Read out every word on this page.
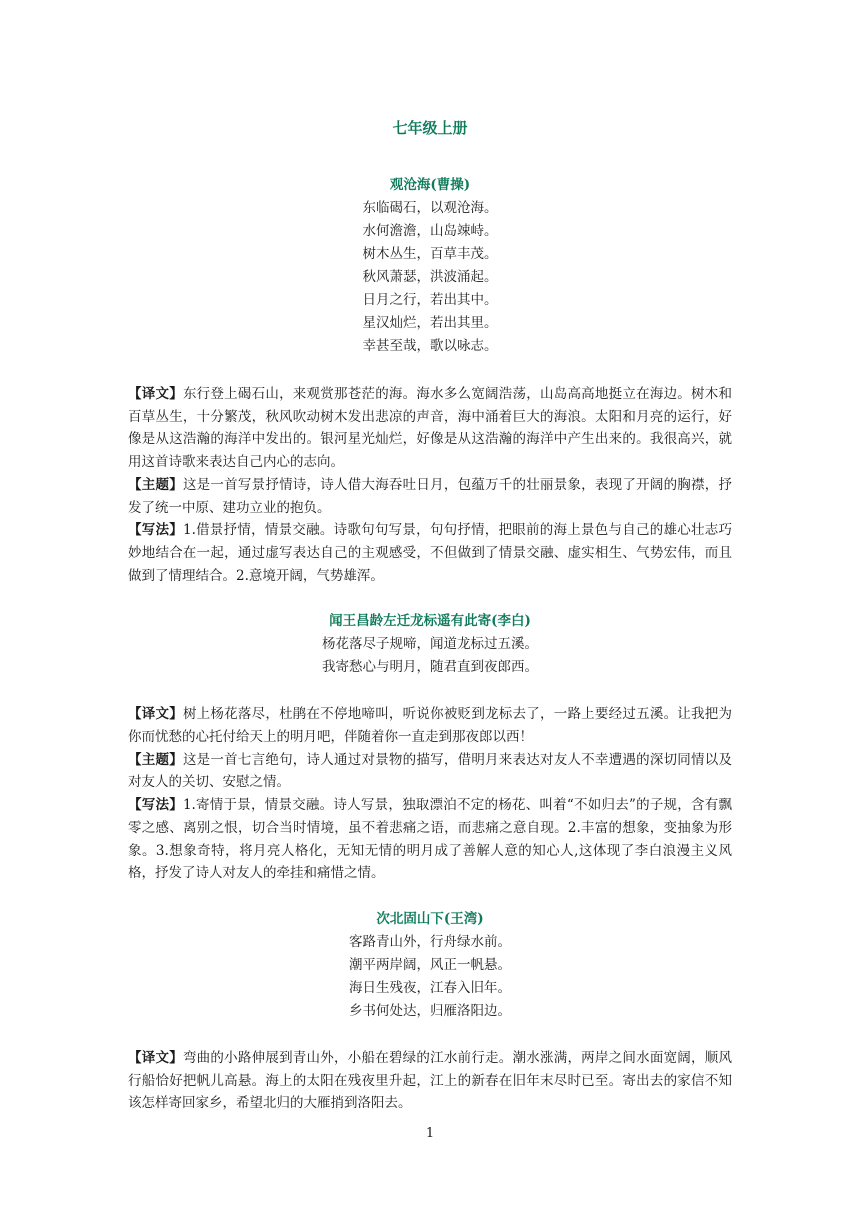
七年级上册
观沧海(曹操)

东临碣石，以观沧海。

水何澹澹，山岛竦峙。

树木丛生，百草丰茂。

秋风萧瑟，洪波涌起。

日月之行，若出其中。

星汉灿烂，若出其里。

幸甚至哉，歌以咏志。

【译文】东行登上碣石山，来观赏那苍茫的海。海水多么宽阔浩荡，山岛高高地挺立在海边。树木和百草丛生，十分繁茂，秋风吹动树木发出悲凉的声音，海中涌着巨大的海浪。太阳和月亮的运行，好像是从这浩瀚的海洋中发出的。银河星光灿烂，好像是从这浩瀚的海洋中产生出来的。我很高兴，就用这首诗歌来表达自己内心的志向。

【主题】这是一首写景抒情诗，诗人借大海吞吐日月，包蕴万千的壮丽景象，表现了开阔的胸襟，抒发了统一中原、建功立业的抱负。

【写法】1.借景抒情，情景交融。诗歌句句写景，句句抒情，把眼前的海上景色与自己的雄心壮志巧妙地结合在一起，通过虚写表达自己的主观感受，不但做到了情景交融、虚实相生、气势宏伟，而且做到了情理结合。2.意境开阔，气势雄浑。

闻王昌龄左迁龙标遥有此寄(李白)

杨花落尽子规啼，闻道龙标过五溪。

我寄愁心与明月，随君直到夜郎西。

【译文】树上杨花落尽，杜鹃在不停地啼叫，听说你被贬到龙标去了，一路上要经过五溪。让我把为你而忧愁的心托付给天上的明月吧，伴随着你一直走到那夜郎以西！

【主题】这是一首七言绝句，诗人通过对景物的描写，借明月来表达对友人不幸遭遇的深切同情以及对友人的关切、安慰之情。

【写法】1.寄情于景，情景交融。诗人写景，独取漂泊不定的杨花、叫着“不如归去”的子规，含有飘零之感、离别之恨，切合当时情境，虽不着悲痛之语，而悲痛之意自现。2.丰富的想象，变抽象为形象。3.想象奇特，将月亮人格化，无知无情的明月成了善解人意的知心人,这体现了李白浪漫主义风格，抒发了诗人对友人的牵挂和痛惜之情。

次北固山下(王湾)

客路青山外，行舟绿水前。

潮平两岸阔，风正一帆悬。

海日生残夜，江春入旧年。

乡书何处达，归雁洛阳边。

【译文】弯曲的小路伸展到青山外，小船在碧绿的江水前行走。潮水涨满，两岸之间水面宽阔，顺风行船恰好把帆儿高悬。海上的太阳在残夜里升起，江上的新春在旧年末尽时已至。寄出去的家信不知该怎样寄回家乡，希望北归的大雁捎到洛阳去。

1
